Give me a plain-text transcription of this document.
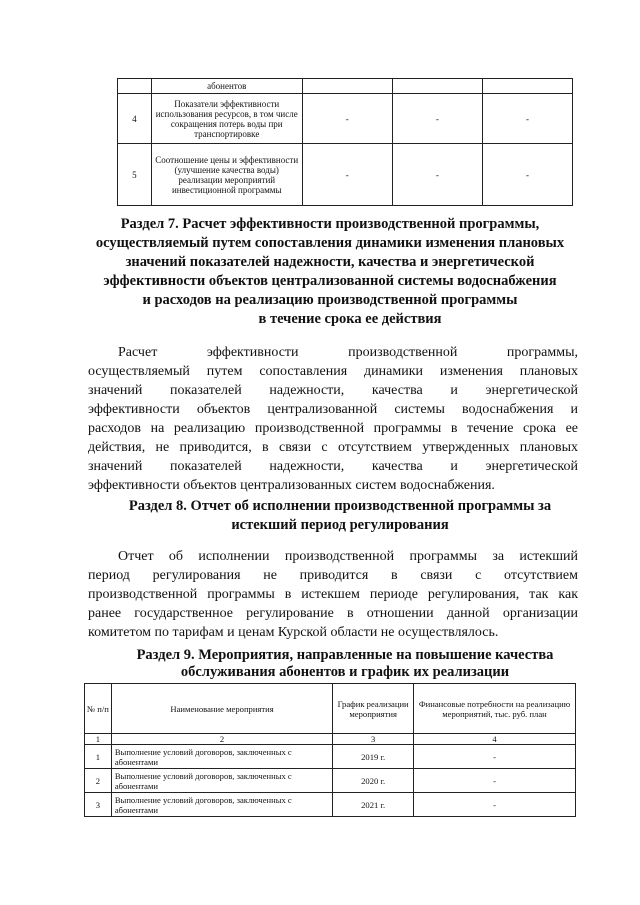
	абонентов			
4	Показатели эффективности использования ресурсов, в том числе сокращения потерь воды при транспортировке	-	-	-
5	Соотношение цены и эффективности (улучшение качества воды) реализации мероприятий инвестиционной программы	-	-	-
Раздел 7. Расчет эффективности производственной программы,
осуществляемый путем сопоставления динамики изменения плановых
значений показателей надежности, качества и энергетической
эффективности объектов централизованной системы водоснабжения
и расходов на реализацию производственной программы
в течение срока ее действия
Расчет эффективности производственной программы,
осуществляемый путем сопоставления динамики изменения плановых
значений показателей надежности, качества и энергетической
эффективности объектов централизованной системы водоснабжения и
расходов на реализацию производственной программы в течение срока ее
действия, не приводится, в связи с отсутствием утвержденных плановых
значений показателей надежности, качества и энергетической
эффективности объектов централизованных систем водоснабжения.
Раздел 8. Отчет об исполнении производственной программы за
истекший период регулирования
Отчет об исполнении производственной программы за истекший
период регулирования не приводится в связи с отсутствием
производственной программы в истекшем периоде регулирования, так как
ранее государственное регулирование в отношении данной организации
комитетом по тарифам и ценам Курской области не осуществлялось.
Раздел 9. Мероприятия, направленные на повышение качества
обслуживания абонентов и график их реализации
№ п/п	Наименование мероприятия	График реализации мероприятия	Финансовые потребности на реализацию мероприятий, тыс. руб. план
1	2	3	4
1	Выполнение условий договоров, заключенных с абонентами	2019 г.	-
2	Выполнение условий договоров, заключенных с абонентами	2020 г.	-
3	Выполнение условий договоров, заключенных с абонентами	2021 г.	-
